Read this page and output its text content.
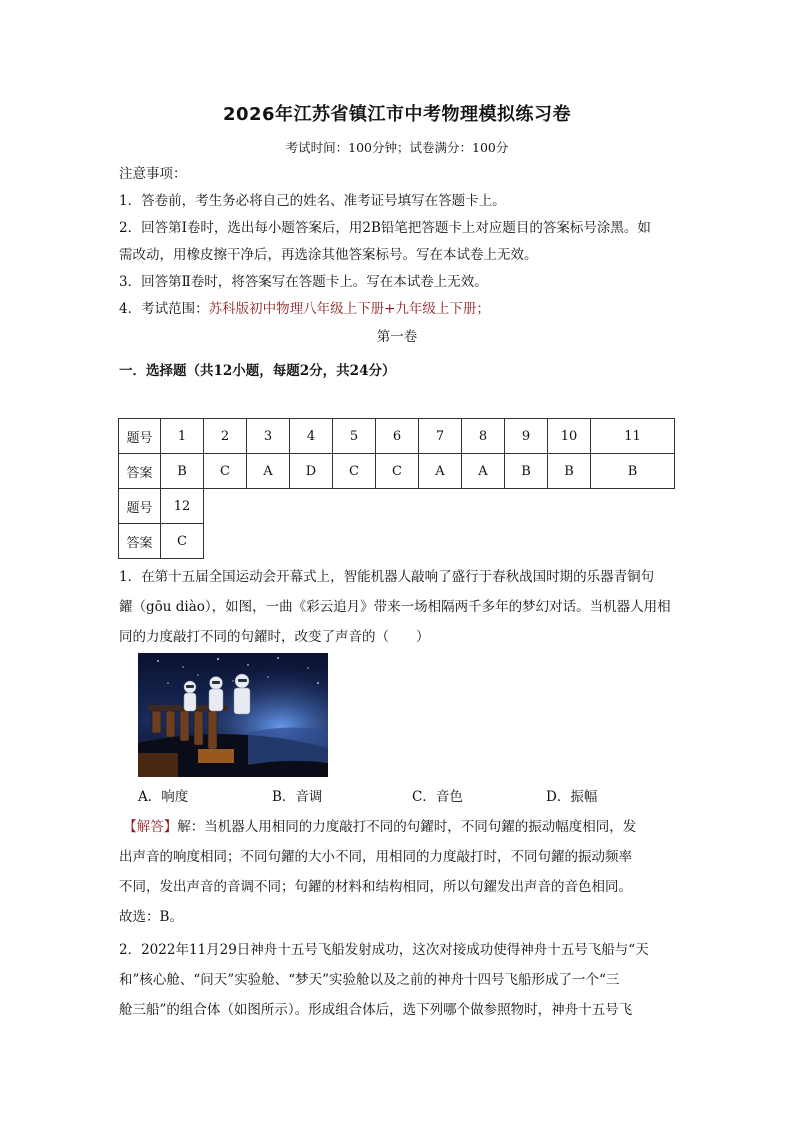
2026年江苏省镇江市中考物理模拟练习卷
考试时间：100分钟；试卷满分：100分
注意事项：
1．答卷前，考生务必将自己的姓名、准考证号填写在答题卡上。
2．回答第Ⅰ卷时，选出每小题答案后，用2B铅笔把答题卡上对应题目的答案标号涂黑。如
需改动，用橡皮擦干净后，再选涂其他答案标号。写在本试卷上无效。
3．回答第Ⅱ卷时，将答案写在答题卡上。写在本试卷上无效。
4．考试范围：苏科版初中物理八年级上下册+九年级上下册；
第一卷
一．选择题（共12小题，每题2分，共24分）
题号	1	2	3	4	5	6	7	8	9	10	11
答案	B	C	A	D	C	C	A	A	B	B	B
题号	12										
答案	C										
1．在第十五届全国运动会开幕式上，智能机器人敲响了盛行于春秋战国时期的乐器青铜句
鑃（gōu diào），如图，一曲《彩云追月》带来一场相隔两千多年的梦幻对话。当机器人用相
同的力度敲打不同的句鑃时，改变了声音的（　　）
A．响度	B．音调	C．音色	D．振幅
【解答】解：当机器人用相同的力度敲打不同的句鑃时，不同句鑃的振动幅度相同，发
出声音的响度相同；不同句鑃的大小不同，用相同的力度敲打时，不同句鑃的振动频率
不同，发出声音的音调不同；句鑃的材料和结构相同，所以句鑃发出声音的音色相同。
故选：B。
2．2022年11月29日神舟十五号飞船发射成功，这次对接成功使得神舟十五号飞船与“天
和”核心舱、“问天”实验舱、“梦天”实验舱以及之前的神舟十四号飞船形成了一个“三
舱三船”的组合体（如图所示）。形成组合体后，选下列哪个做参照物时，神舟十五号飞
